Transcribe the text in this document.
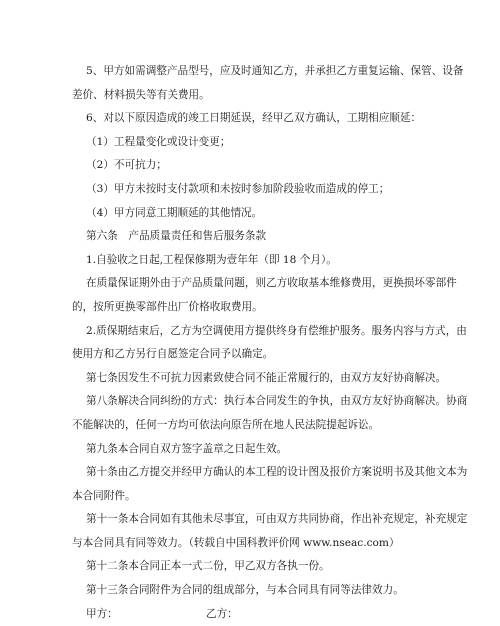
5、甲方如需调整产品型号，应及时通知乙方，并承担乙方重复运输、保管、设备差价、材料损失等有关费用。

6、对以下原因造成的竣工日期延误，经甲乙双方确认，工期相应顺延：

（1）工程量变化或设计变更；

（2）不可抗力；

（3）甲方未按时支付款项和未按时参加阶段验收而造成的停工；

（4）甲方同意工期顺延的其他情况。

第六条　产品质量责任和售后服务条款

1.自验收之日起,工程保修期为壹年年（即 18 个月）。

在质量保证期外由于产品质量问题，则乙方收取基本维修费用，更换损坏零部件的，按所更换零部件出厂价格收取费用。

2.质保期结束后，乙方为空调使用方提供终身有偿维护服务。服务内容与方式，由使用方和乙方另行自愿签定合同予以确定。

第七条因发生不可抗力因素致使合同不能正常履行的，由双方友好协商解决。

第八条解决合同纠纷的方式：执行本合同发生的争执，由双方友好协商解决。协商不能解决的，任何一方均可依法向原告所在地人民法院提起诉讼。

第九条本合同自双方签字盖章之日起生效。

第十条由乙方提交并经甲方确认的本工程的设计图及报价方案说明书及其他文本为本合同附件。

第十一条本合同如有其他未尽事宜，可由双方共同协商，作出补充规定，补充规定与本合同具有同等效力。（转载自中国科教评价网 www.nseac.com）

第十二条本合同正本一式二份，甲乙双方各执一份。

第十三条合同附件为合同的组成部分，与本合同具有同等法律效力。

甲方：	乙方：
